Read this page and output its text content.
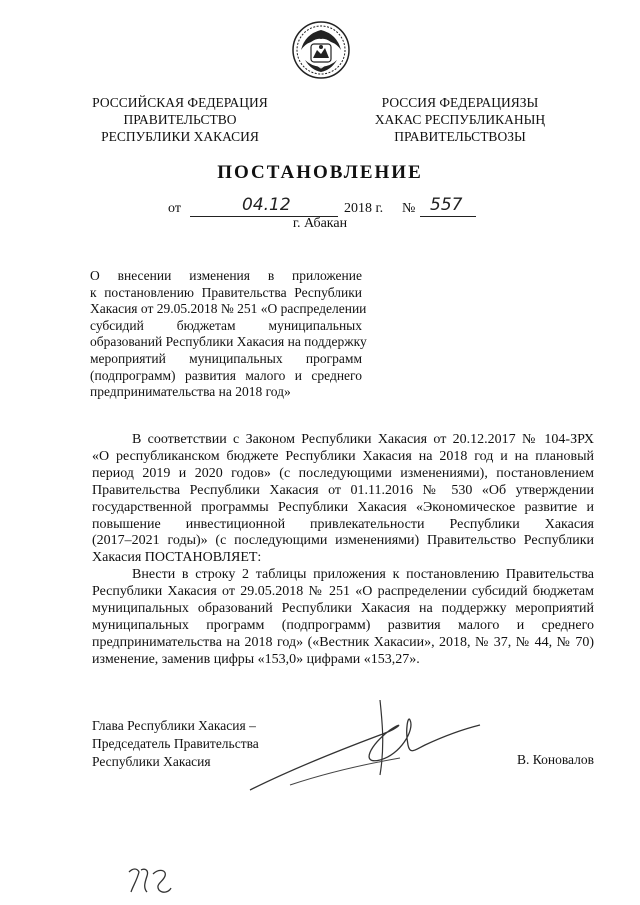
РОССИЙСКАЯ ФЕДЕРАЦИЯ
ПРАВИТЕЛЬСТВО
РЕСПУБЛИКИ ХАКАСИЯ
РОССИЯ ФЕДЕРАЦИЯЗЫ
ХАКАС РЕСПУБЛИКАНЫҢ
ПРАВИТЕЛЬСТВОЗЫ
ПОСТАНОВЛЕНИЕ
от	04.12	2018 г. № 557
г. Абакан
О внесении изменения в приложение
к постановлению Правительства Республики
Хакасия от 29.05.2018 № 251 «О распределении
субсидий бюджетам муниципальных
образований Республики Хакасия на поддержку
мероприятий муниципальных программ
(подпрограмм) развития малого и среднего
предпринимательства на 2018 год»
В соответствии с Законом Республики Хакасия от 20.12.2017 № 104-ЗРХ
«О республиканском бюджете Республики Хакасия на 2018 год и на плановый
период 2019 и 2020 годов» (с последующими изменениями), постановлением
Правительства Республики Хакасия от 01.11.2016 № 530 «Об утверждении
государственной программы Республики Хакасия «Экономическое развитие и
повышение инвестиционной привлекательности Республики Хакасия
(2017–2021 годы)» (с последующими изменениями) Правительство Республики
Хакасия ПОСТАНОВЛЯЕТ:
Внести в строку 2 таблицы приложения к постановлению Правительства
Республики Хакасия от 29.05.2018 № 251 «О распределении субсидий бюджетам
муниципальных образований Республики Хакасия на поддержку мероприятий
муниципальных программ (подпрограмм) развития малого и среднего
предпринимательства на 2018 год» («Вестник Хакасии», 2018, № 37, № 44, № 70)
изменение, заменив цифры «153,0» цифрами «153,27».
Глава Республики Хакасия –
Председатель Правительства
Республики Хакасия	В. Коновалов
